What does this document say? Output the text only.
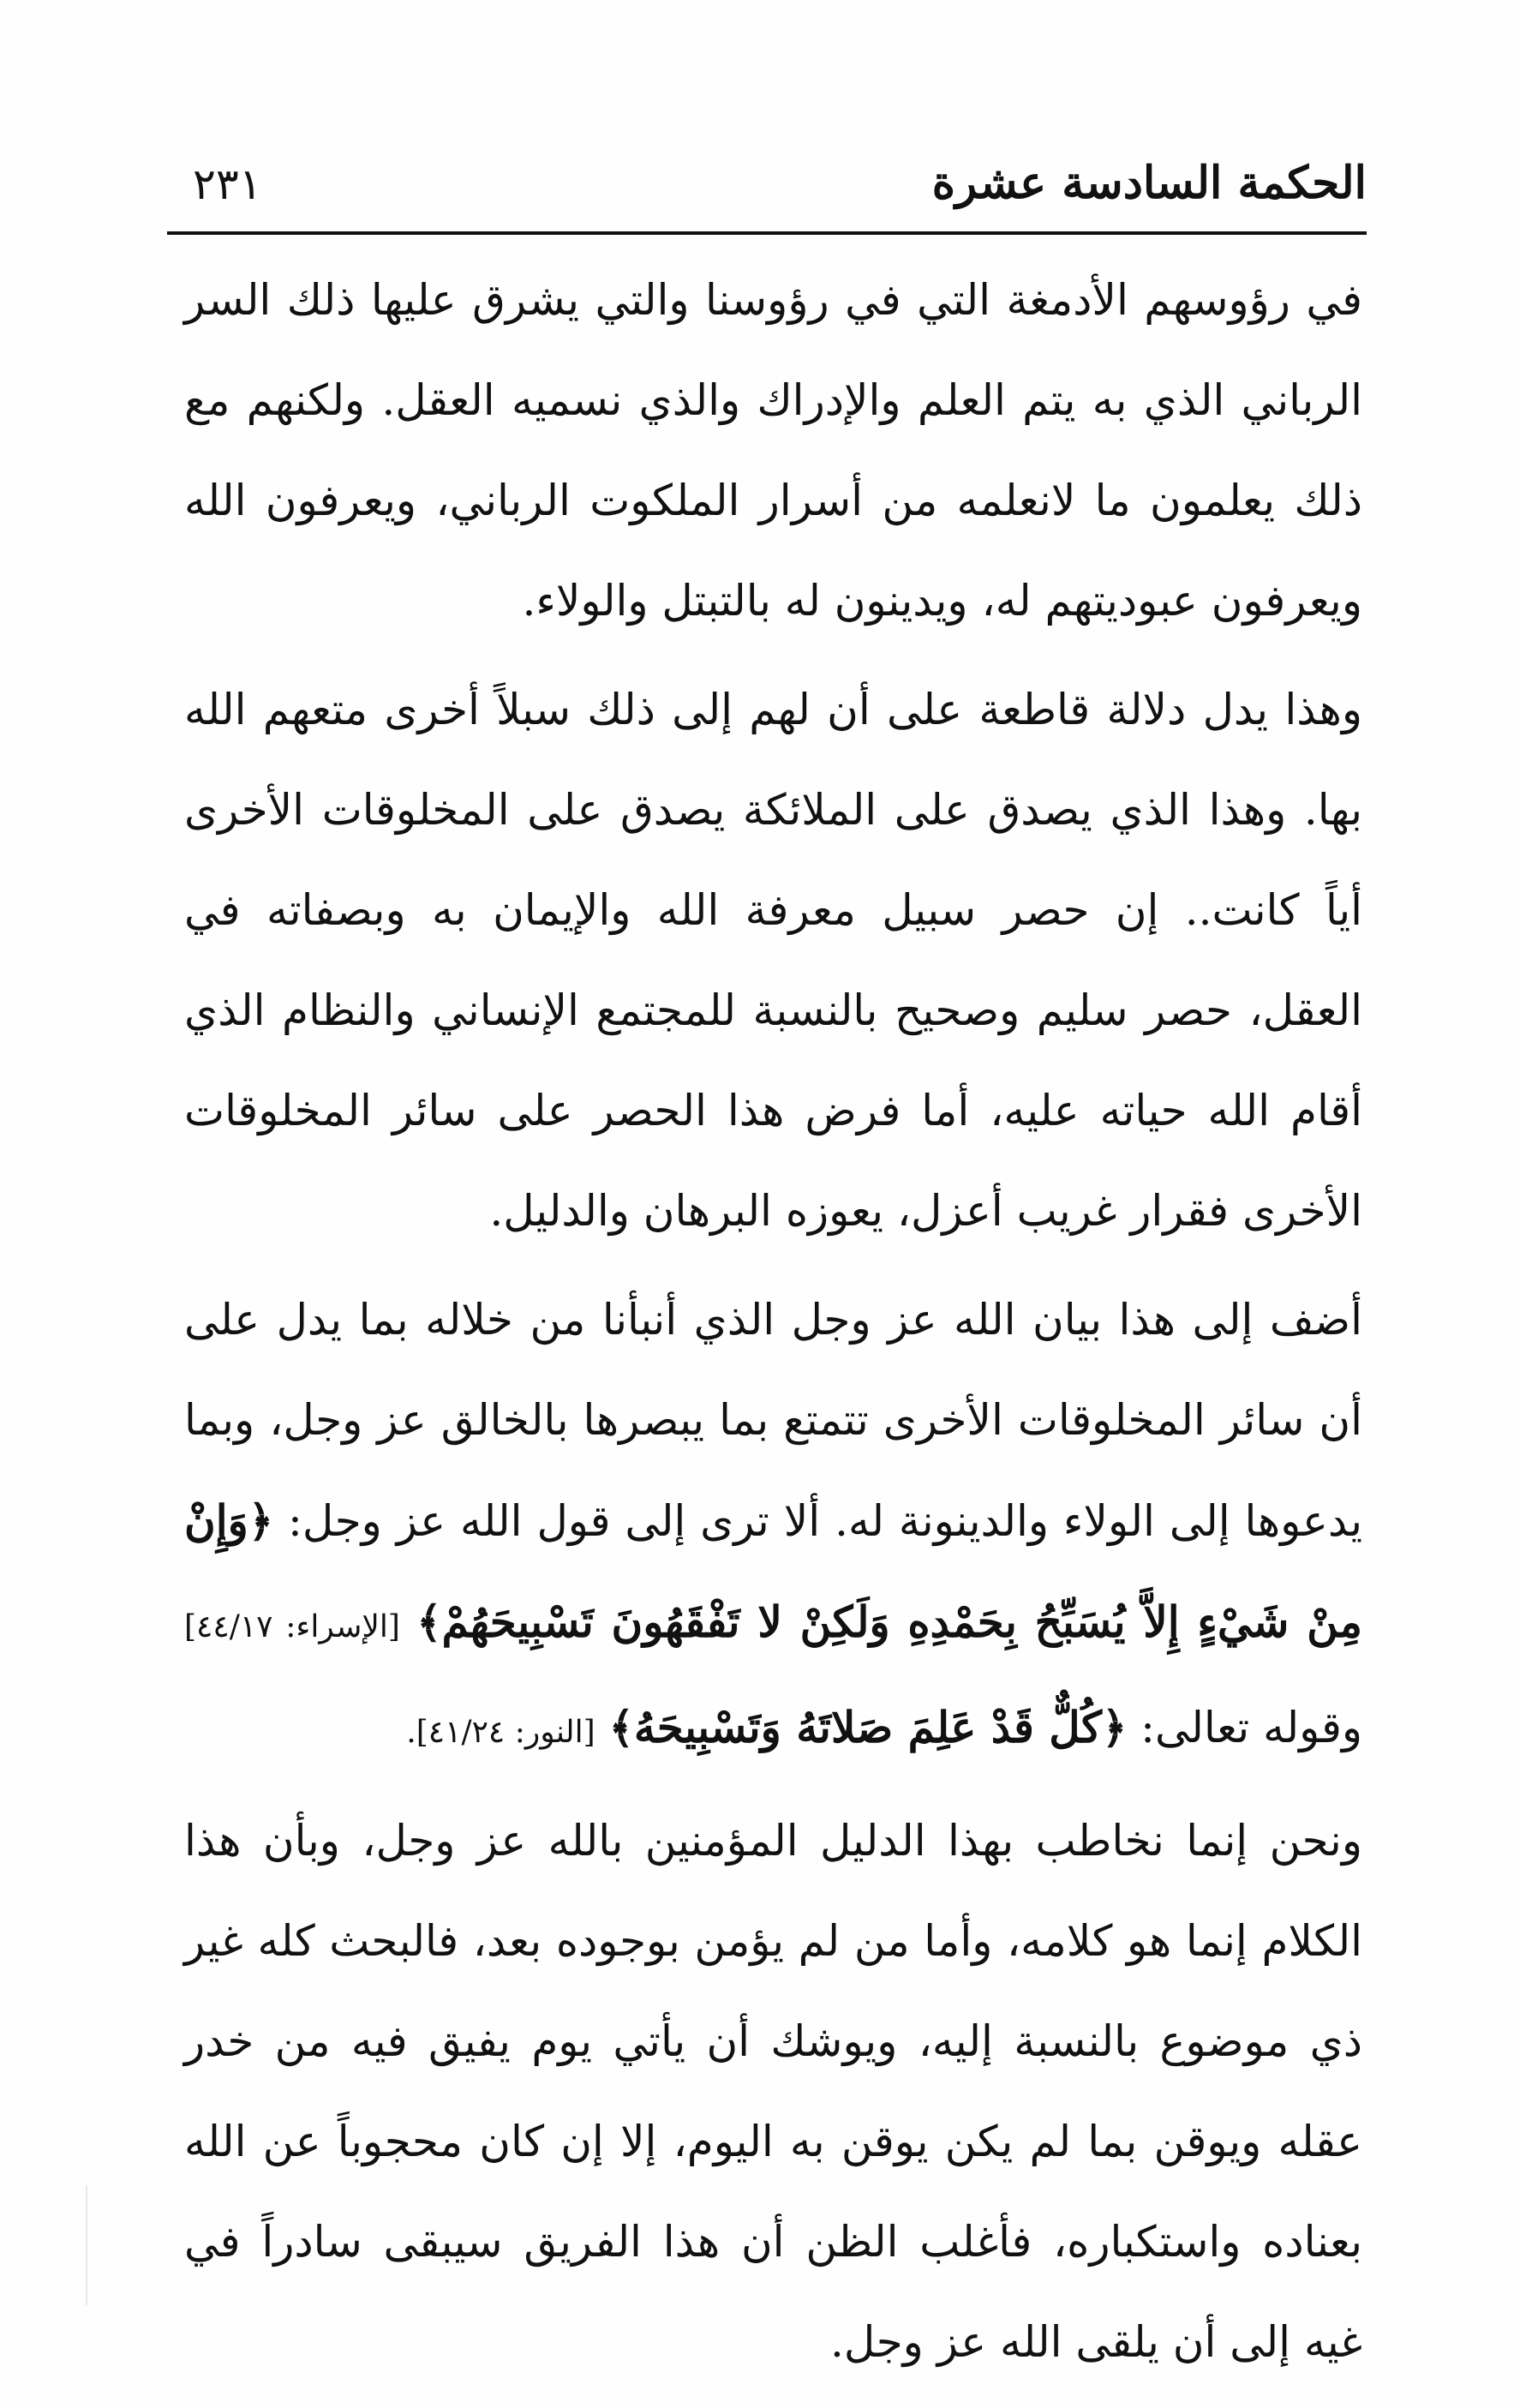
الحكمة السادسة عشرة
٢٣١

في رؤوسهم الأدمغة التي في رؤوسنا والتي يشرق عليها ذلك السر الرباني الذي به يتم العلم والإدراك والذي نسميه العقل. ولكنهم مع ذلك يعلمون ما لانعلمه من أسرار الملكوت الرباني، ويعرفون الله ويعرفون عبوديتهم له، ويدينون له بالتبتل والولاء.

وهذا يدل دلالة قاطعة على أن لهم إلى ذلك سبلاً أخرى متعهم الله بها. وهذا الذي يصدق على الملائكة يصدق على المخلوقات الأخرى أياً كانت.. إن حصر سبيل معرفة الله والإيمان به وبصفاته في العقل، حصر سليم وصحيح بالنسبة للمجتمع الإنساني والنظام الذي أقام الله حياته عليه، أما فرض هذا الحصر على سائر المخلوقات الأخرى فقرار غريب أعزل، يعوزه البرهان والدليل.

أضف إلى هذا بيان الله عز وجل الذي أنبأنا من خلاله بما يدل على أن سائر المخلوقات الأخرى تتمتع بما يبصرها بالخالق عز وجل، وبما يدعوها إلى الولاء والدينونة له. ألا ترى إلى قول الله عز وجل: ﴿وَإِنْ مِنْ شَيْءٍ إِلاَّ يُسَبِّحُ بِحَمْدِهِ وَلَكِنْ لا تَفْقَهُونَ تَسْبِيحَهُمْ﴾ [الإسراء: ٤٤/١٧] وقوله تعالى: ﴿كُلٌّ قَدْ عَلِمَ صَلاتَهُ وَتَسْبِيحَهُ﴾ [النور: ٤١/٢٤].

ونحن إنما نخاطب بهذا الدليل المؤمنين بالله عز وجل، وبأن هذا الكلام إنما هو كلامه، وأما من لم يؤمن بوجوده بعد، فالبحث كله غير ذي موضوع بالنسبة إليه، ويوشك أن يأتي يوم يفيق فيه من خدر عقله ويوقن بما لم يكن يوقن به اليوم، إلا إن كان محجوباً عن الله بعناده واستكباره، فأغلب الظن أن هذا الفريق سيبقى سادراً في غيه إلى أن يلقى الله عز وجل.
